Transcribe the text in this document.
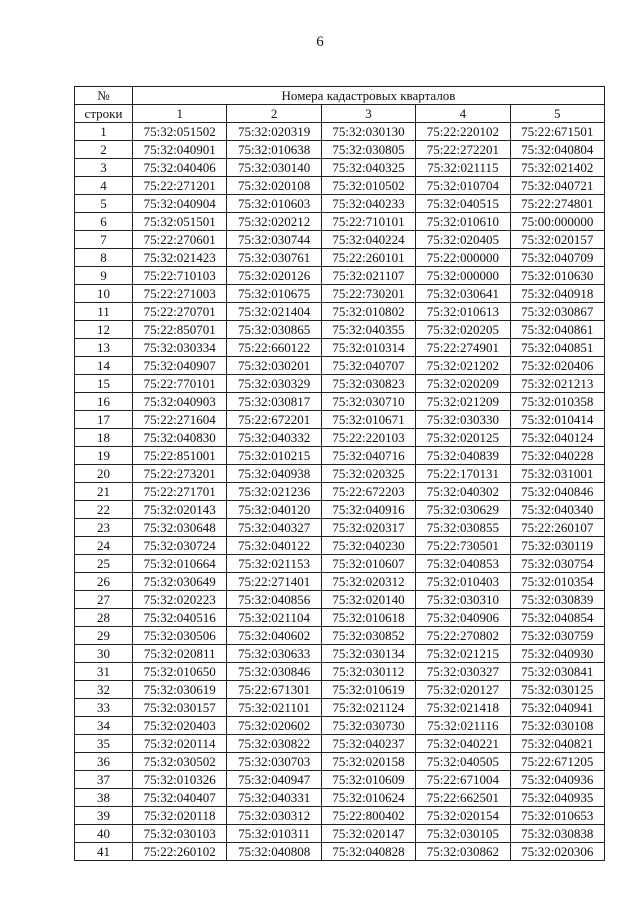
6
№	Номера кадастровых кварталов				
строки	1	2	3	4	5
1	75:32:051502	75:32:020319	75:32:030130	75:22:220102	75:22:671501
2	75:32:040901	75:32:010638	75:32:030805	75:22:272201	75:32:040804
3	75:32:040406	75:32:030140	75:32:040325	75:32:021115	75:32:021402
4	75:22:271201	75:32:020108	75:32:010502	75:32:010704	75:32:040721
5	75:32:040904	75:32:010603	75:32:040233	75:32:040515	75:22:274801
6	75:32:051501	75:32:020212	75:22:710101	75:32:010610	75:00:000000
7	75:22:270601	75:32:030744	75:32:040224	75:32:020405	75:32:020157
8	75:32:021423	75:32:030761	75:22:260101	75:22:000000	75:32:040709
9	75:22:710103	75:32:020126	75:32:021107	75:32:000000	75:32:010630
10	75:22:271003	75:32:010675	75:22:730201	75:32:030641	75:32:040918
11	75:22:270701	75:32:021404	75:32:010802	75:32:010613	75:32:030867
12	75:22:850701	75:32:030865	75:32:040355	75:32:020205	75:32:040861
13	75:32:030334	75:22:660122	75:32:010314	75:22:274901	75:32:040851
14	75:32:040907	75:32:030201	75:32:040707	75:32:021202	75:32:020406
15	75:22:770101	75:32:030329	75:32:030823	75:32:020209	75:32:021213
16	75:32:040903	75:32:030817	75:32:030710	75:32:021209	75:32:010358
17	75:22:271604	75:22:672201	75:32:010671	75:32:030330	75:32:010414
18	75:32:040830	75:32:040332	75:22:220103	75:32:020125	75:32:040124
19	75:22:851001	75:32:010215	75:32:040716	75:32:040839	75:32:040228
20	75:22:273201	75:32:040938	75:32:020325	75:22:170131	75:32:031001
21	75:22:271701	75:32:021236	75:22:672203	75:32:040302	75:32:040846
22	75:32:020143	75:32:040120	75:32:040916	75:32:030629	75:32:040340
23	75:32:030648	75:32:040327	75:32:020317	75:32:030855	75:22:260107
24	75:32:030724	75:32:040122	75:32:040230	75:22:730501	75:32:030119
25	75:32:010664	75:32:021153	75:32:010607	75:32:040853	75:32:030754
26	75:32:030649	75:22:271401	75:32:020312	75:32:010403	75:32:010354
27	75:32:020223	75:32:040856	75:32:020140	75:32:030310	75:32:030839
28	75:32:040516	75:32:021104	75:32:010618	75:32:040906	75:32:040854
29	75:32:030506	75:32:040602	75:32:030852	75:22:270802	75:32:030759
30	75:32:020811	75:32:030633	75:32:030134	75:32:021215	75:32:040930
31	75:32:010650	75:32:030846	75:32:030112	75:32:030327	75:32:030841
32	75:32:030619	75:22:671301	75:32:010619	75:32:020127	75:32:030125
33	75:32:030157	75:32:021101	75:32:021124	75:32:021418	75:32:040941
34	75:32:020403	75:32:020602	75:32:030730	75:32:021116	75:32:030108
35	75:32:020114	75:32:030822	75:32:040237	75:32:040221	75:32:040821
36	75:32:030502	75:32:030703	75:32:020158	75:32:040505	75:22:671205
37	75:32:010326	75:32:040947	75:32:010609	75:22:671004	75:32:040936
38	75:32:040407	75:32:040331	75:32:010624	75:22:662501	75:32:040935
39	75:32:020118	75:32:030312	75:22:800402	75:32:020154	75:32:010653
40	75:32:030103	75:32:010311	75:32:020147	75:32:030105	75:32:030838
41	75:22:260102	75:32:040808	75:32:040828	75:32:030862	75:32:020306
